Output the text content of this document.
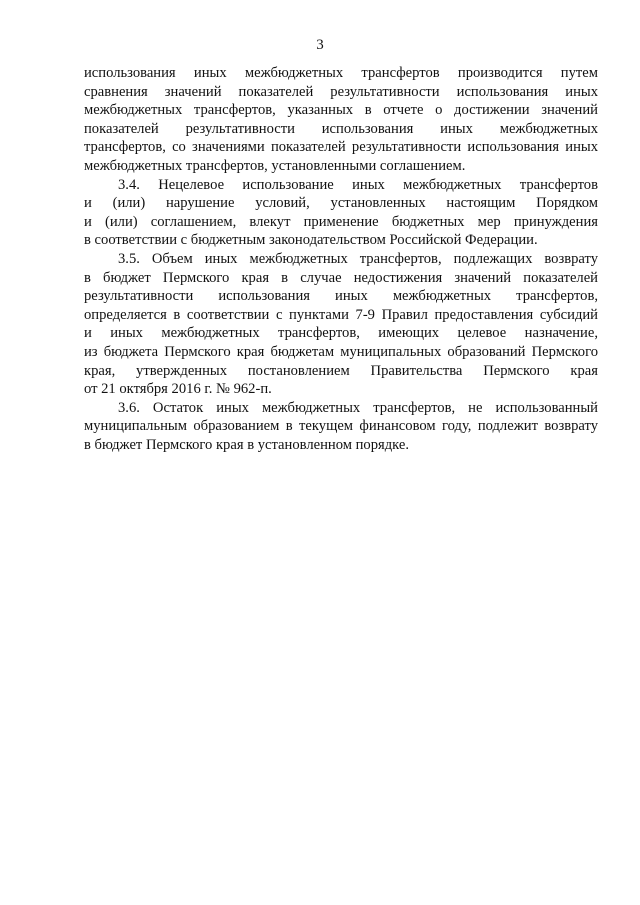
3

использования иных межбюджетных трансфертов производится путем
сравнения значений показателей результативности использования иных
межбюджетных трансфертов, указанных в отчете о достижении значений
показателей результативности использования иных межбюджетных
трансфертов, со значениями показателей результативности использования иных
межбюджетных трансфертов, установленными соглашением.

3.4. Нецелевое использование иных межбюджетных трансфертов
и (или) нарушение условий, установленных настоящим Порядком
и (или) соглашением, влекут применение бюджетных мер принуждения
в соответствии с бюджетным законодательством Российской Федерации.

3.5. Объем иных межбюджетных трансфертов, подлежащих возврату
в бюджет Пермского края в случае недостижения значений показателей
результативности использования иных межбюджетных трансфертов,
определяется в соответствии с пунктами 7-9 Правил предоставления субсидий
и иных межбюджетных трансфертов, имеющих целевое назначение,
из бюджета Пермского края бюджетам муниципальных образований Пермского
края, утвержденных постановлением Правительства Пермского края
от 21 октября 2016 г. № 962-п.

3.6. Остаток иных межбюджетных трансфертов, не использованный
муниципальным образованием в текущем финансовом году, подлежит возврату
в бюджет Пермского края в установленном порядке.
